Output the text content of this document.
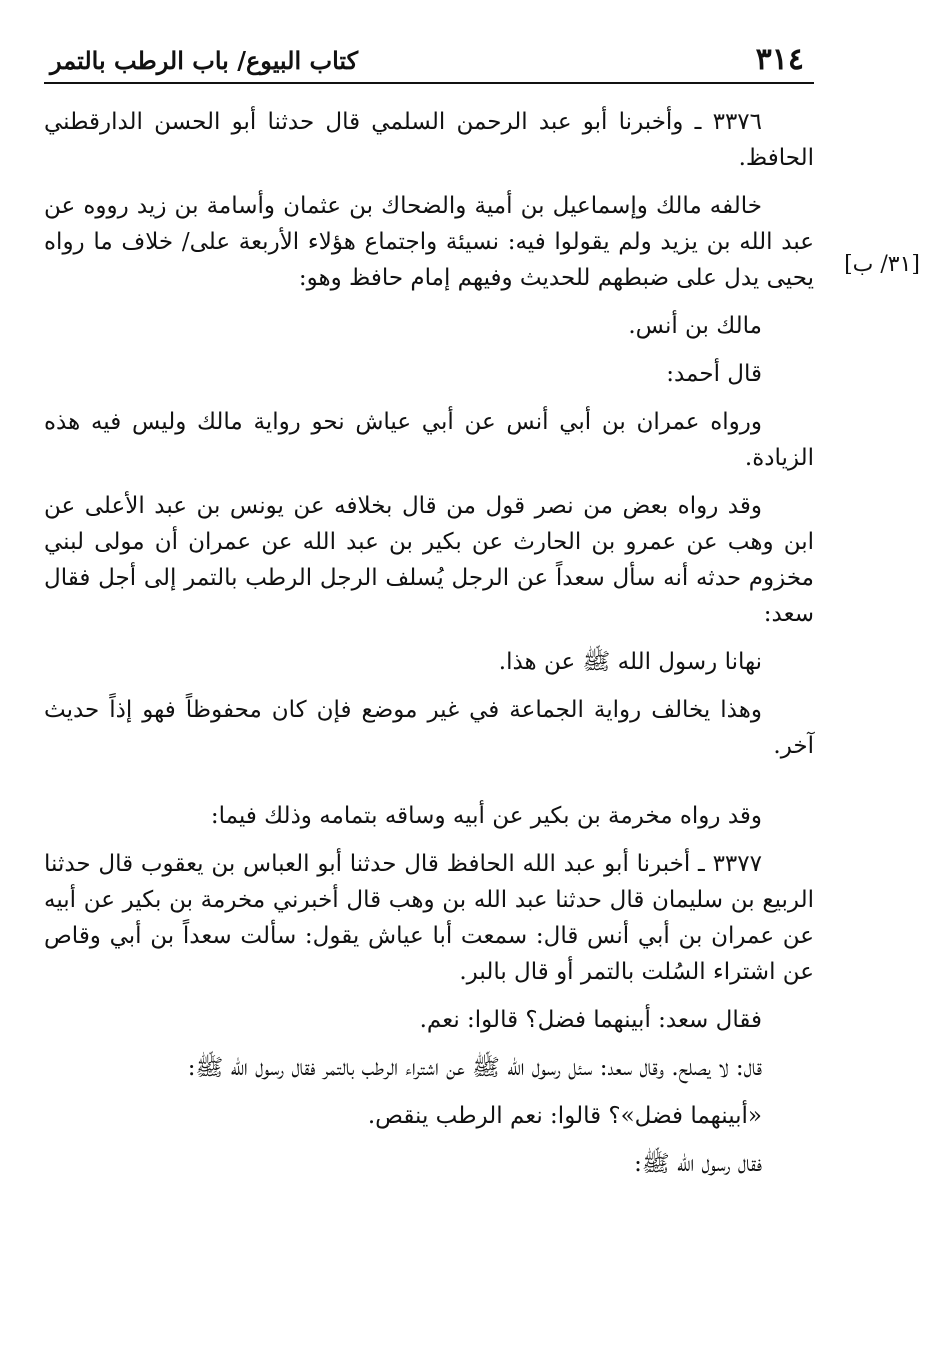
٣١٤
كتاب البيوع/ باب الرطب بالتمر
[٣١/ ب]

٣٣٧٦ ـ وأخبرنا أبو عبد الرحمن السلمي قال حدثنا أبو الحسن الدارقطني الحافظ.

خالفه مالك وإسماعيل بن أمية والضحاك بن عثمان وأسامة بن زيد رووه عن عبد الله بن يزيد ولم يقولوا فيه: نسيئة واجتماع هؤلاء الأربعة على/ خلاف ما رواه يحيى يدل على ضبطهم للحديث وفيهم إمام حافظ وهو:

مالك بن أنس.

قال أحمد:

ورواه عمران بن أبي أنس عن أبي عياش نحو رواية مالك وليس فيه هذه الزيادة.

وقد رواه بعض من نصر قول من قال بخلافه عن يونس بن عبد الأعلى عن ابن وهب عن عمرو بن الحارث عن بكير بن عبد الله عن عمران أن مولى لبني مخزوم حدثه أنه سأل سعداً عن الرجل يُسلف الرجل الرطب بالتمر إلى أجل فقال سعد:

نهانا رسول الله ﷺ عن هذا.

وهذا يخالف رواية الجماعة في غير موضع فإن كان محفوظاً فهو إذاً حديث آخر.

وقد رواه مخرمة بن بكير عن أبيه وساقه بتمامه وذلك فيما:

٣٣٧٧ ـ أخبرنا أبو عبد الله الحافظ قال حدثنا أبو العباس بن يعقوب قال حدثنا الربيع بن سليمان قال حدثنا عبد الله بن وهب قال أخبرني مخرمة بن بكير عن أبيه عن عمران بن أبي أنس قال: سمعت أبا عياش يقول: سألت سعداً بن أبي وقاص عن اشتراء السُلت بالتمر أو قال بالبر.

فقال سعد: أبينهما فضل؟ قالوا: نعم.

قال: لا يصلح. وقال سعد: سئل رسول الله ﷺ عن اشتراء الرطب بالتمر فقال رسول الله ﷺ:

«أبينهما فضل»؟ قالوا: نعم الرطب ينقص.

فقال رسول الله ﷺ:
